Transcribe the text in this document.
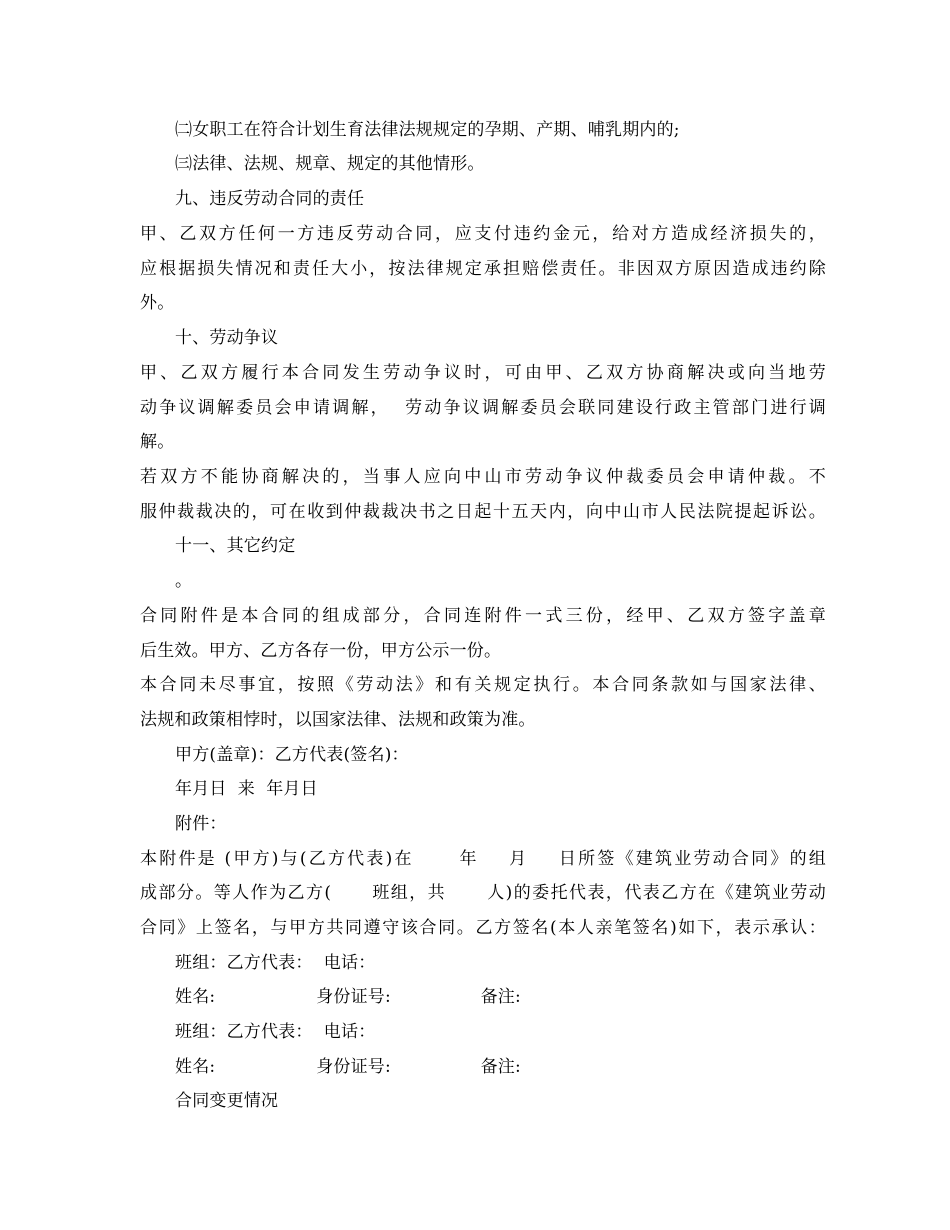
㈡女职工在符合计划生育法律法规规定的孕期、产期、哺乳期内的;
㈢法律、法规、规章、规定的其他情形。
九、违反劳动合同的责任
甲、乙双方任何一方违反劳动合同，应支付违约金元，给对方造成经济损失的，
应根据损失情况和责任大小，按法律规定承担赔偿责任。非因双方原因造成违约除
外。
十、劳动争议
甲、乙双方履行本合同发生劳动争议时，可由甲、乙双方协商解决或向当地劳
动争议调解委员会申请调解，  劳动争议调解委员会联同建设行政主管部门进行调
解。
若双方不能协商解决的，当事人应向中山市劳动争议仲裁委员会申请仲裁。不
服仲裁裁决的，可在收到仲裁裁决书之日起十五天内，向中山市人民法院提起诉讼。
十一、其它约定
。
合同附件是本合同的组成部分，合同连附件一式三份，经甲、乙双方签字盖章
后生效。甲方、乙方各存一份，甲方公示一份。
本合同未尽事宜，按照《劳动法》和有关规定执行。本合同条款如与国家法律、
法规和政策相悖时，以国家法律、法规和政策为准。
甲方(盖章)：乙方代表(签名)：
年月日  来  年月日
附件：
本附件是 (甲方)与(乙方代表)在      年    月    日所签《建筑业劳动合同》的组
成部分。等人作为乙方(      班组，共      人)的委托代表，代表乙方在《建筑业劳动
合同》上签名，与甲方共同遵守该合同。乙方签名(本人亲笔签名)如下，表示承认：
班组：乙方代表：  电话：
姓名:                  身份证号:                备注:
班组：乙方代表：  电话：
姓名:                  身份证号:                备注:
合同变更情况
